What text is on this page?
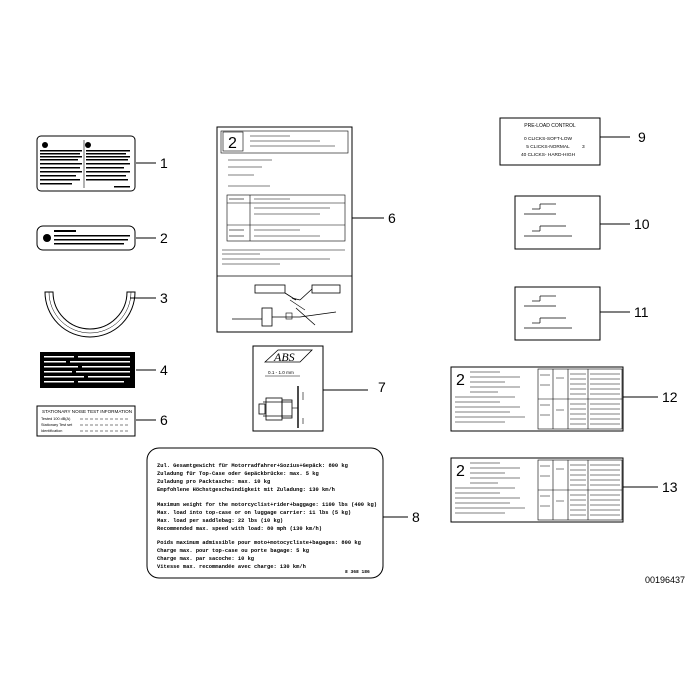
1
2
3
4
STATIONARY NOISE TEST INFORMATION
Tested 100 dB(A)
Stationary Test set
Identification
6
2
6
ABS
0.1 - 1.0 mm
7
Zul. Gesamtgewicht für Motorradfahrer+Sozius+Gepäck: 800 kg
Zuladung für Top-Case oder Gepäckbrücke: max. 5 kg
Zuladung pro Packtasche: max. 10 kg
Empfohlene Höchstgeschwindigkeit mit Zuladung: 130 km/h
Maximum weight for the motorcyclist+rider+baggage: 1100 lbs (400 kg)
Max. load into top-case or on luggage carrier: 11 lbs (5 kg)
Max. load per saddlebag: 22 lbs (10 kg)
Recommended max. speed with load: 80 mph (130 km/h)
Poids maximum admissible pour moto+motocycliste+bagages: 800 kg
Charge max. pour top-case ou porte bagage: 5 kg
Charge max. par sacoche: 10 kg
Vitesse max. recommandée avec charge: 130 km/h
8 368 186
8
PRE-LOAD CONTROL
0 CLICKS-SOFT-LOW
5 CLICKS-NORMAL
40 CLICKS- HARD-HIGH
3
9
10
11
2
12
2
13
00196437
